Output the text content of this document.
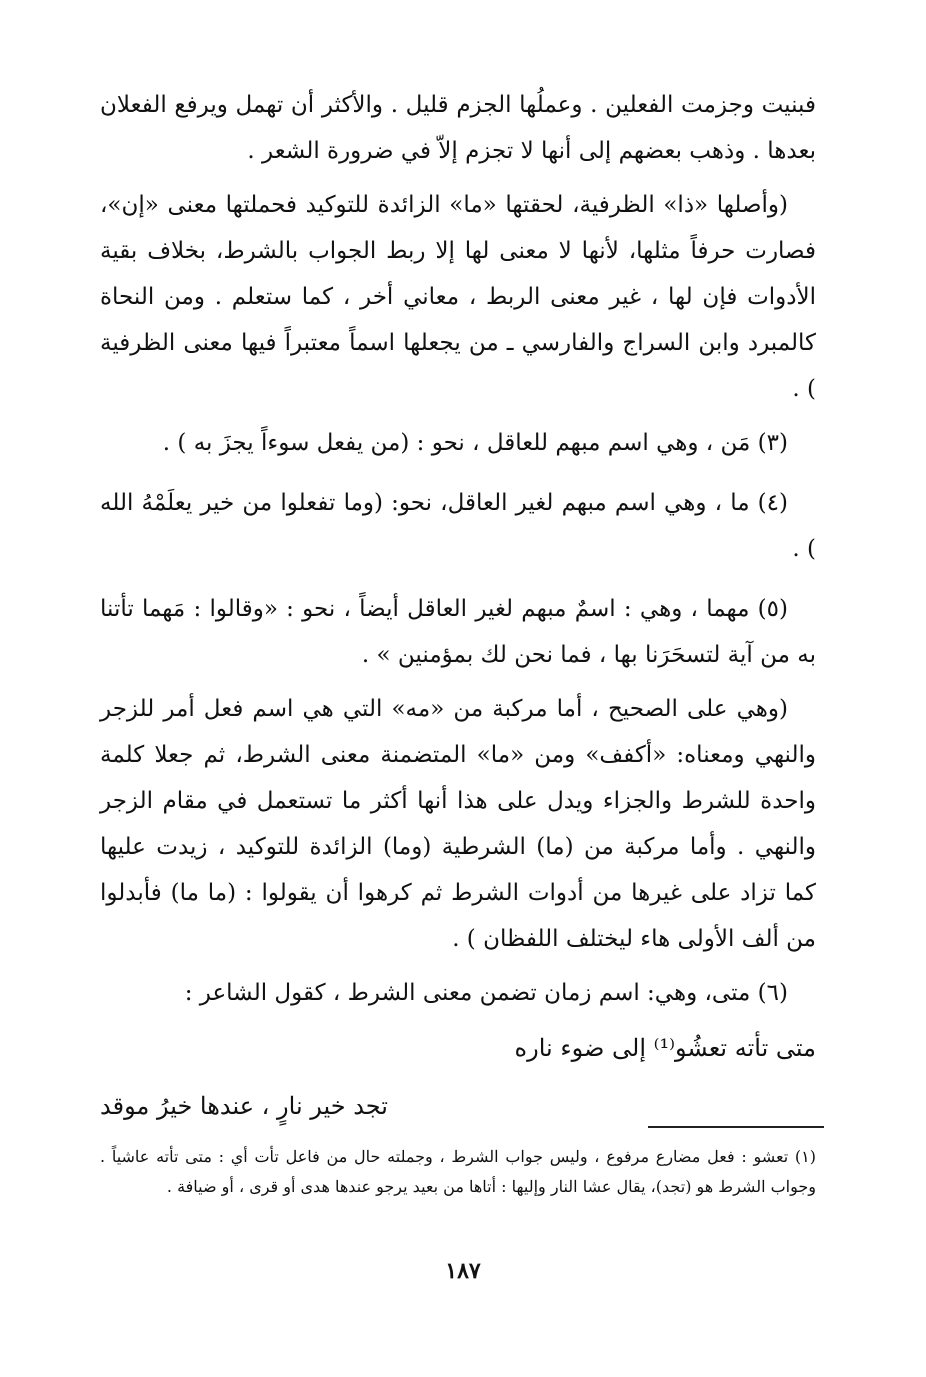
فبنيت وجزمت الفعلين . وعملُها الجزم قليل . والأكثر أن تهمل ويرفع الفعلان بعدها . وذهب بعضهم إلى أنها لا تجزم إلاّ في ضرورة الشعر .

(وأصلها «ذا» الظرفية، لحقتها «ما» الزائدة للتوكيد فحملتها معنى «إن»، فصارت حرفاً مثلها، لأنها لا معنى لها إلا ربط الجواب بالشرط، بخلاف بقية الأدوات فإن لها ، غير معنى الربط ، معاني أخر ، كما ستعلم . ومن النحاة كالمبرد وابن السراج والفارسي ـ من يجعلها اسماً معتبراً فيها معنى الظرفية ) .

(٣) مَن ، وهي اسم مبهم للعاقل ، نحو : (من يفعل سوءاً يجزَ به ) .

(٤) ما ، وهي اسم مبهم لغير العاقل، نحو: (وما تفعلوا من خير يعلَمْهُ الله ) .

(٥) مهما ، وهي : اسمٌ مبهم لغير العاقل أيضاً ، نحو : «وقالوا : مَهما تأتنا به من آية لتسحَرَنا بها ، فما نحن لك بمؤمنين » .

(وهي على الصحيح ، أما مركبة من «مه» التي هي اسم فعل أمر للزجر والنهي ومعناه: «أكفف» ومن «ما» المتضمنة معنى الشرط، ثم جعلا كلمة واحدة للشرط والجزاء ويدل على هذا أنها أكثر ما تستعمل في مقام الزجر والنهي . وأما مركبة من (ما) الشرطية (وما) الزائدة للتوكيد ، زيدت عليها كما تزاد على غيرها من أدوات الشرط ثم كرهوا أن يقولوا : (ما ما) فأبدلوا من ألف الأولى هاء ليختلف اللفظان ) .

(٦) متى، وهي: اسم زمان تضمن معنى الشرط ، كقول الشاعر :

متى تأته تعشُو⁽¹⁾ إلى ضوء ناره
تجد خير نارٍ ، عندها خيرُ موقد
(١) تعشو : فعل مضارع مرفوع ، وليس جواب الشرط ، وجملته حال من فاعل تأت أي : متى تأته عاشياً . وجواب الشرط هو (تجد)، يقال عشا النار وإليها : أتاها من بعيد يرجو عندها هدى أو قرى ، أو ضيافة .
١٨٧
